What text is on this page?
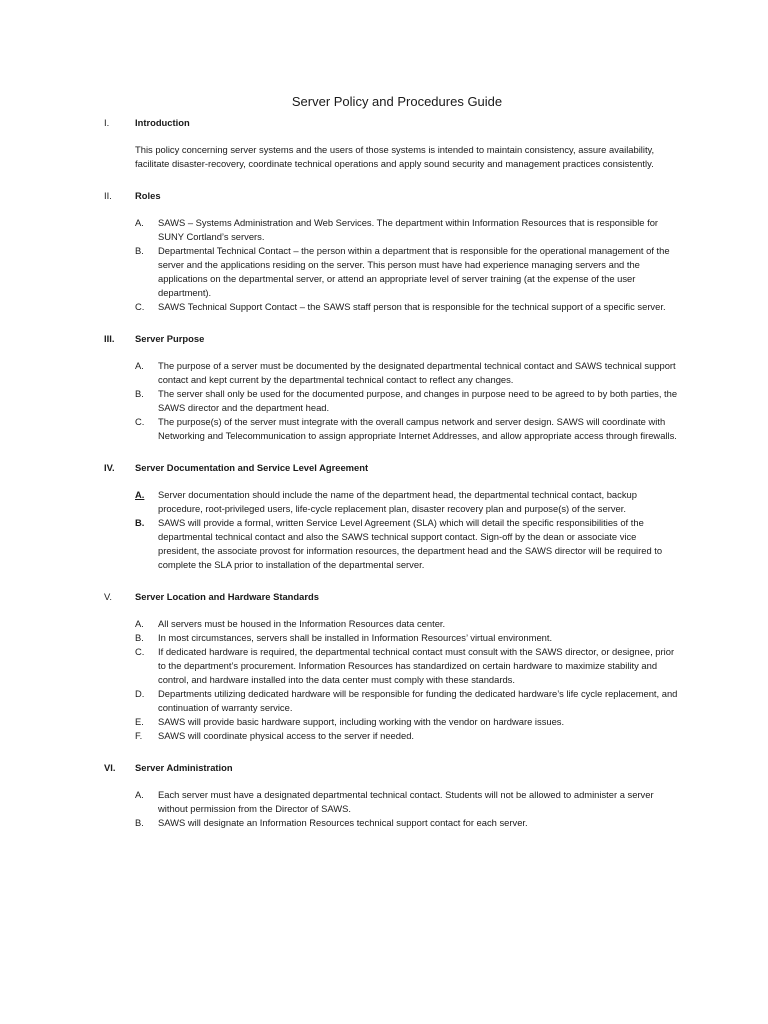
Server Policy and Procedures Guide
I.	Introduction
This policy concerning server systems and the users of those systems is intended to maintain consistency, assure availability, facilitate disaster-recovery, coordinate technical operations and apply sound security and management practices consistently.
II.	Roles
A.	SAWS – Systems Administration and Web Services. The department within Information Resources that is responsible for SUNY Cortland’s servers.
B.	Departmental Technical Contact – the person within a department that is responsible for the operational management of the server and the applications residing on the server. This person must have had experience managing servers and the applications on the departmental server, or attend an appropriate level of server training (at the expense of the user department).
C.	SAWS Technical Support Contact – the SAWS staff person that is responsible for the technical support of a specific server.
III.	Server Purpose
A.	The purpose of a server must be documented by the designated departmental technical contact and SAWS technical support contact and kept current by the departmental technical contact to reflect any changes.
B.	The server shall only be used for the documented purpose, and changes in purpose need to be agreed to by both parties, the SAWS director and the department head.
C.	The purpose(s) of the server must integrate with the overall campus network and server design. SAWS will coordinate with Networking and Telecommunication to assign appropriate Internet Addresses, and allow appropriate access through firewalls.
IV.	Server Documentation and Service Level Agreement
A.	Server documentation should include the name of the department head, the departmental technical contact, backup procedure, root-privileged users, life-cycle replacement plan, disaster recovery plan and purpose(s) of the server.
B.	SAWS will provide a formal, written Service Level Agreement (SLA) which will detail the specific responsibilities of the departmental technical contact and also the SAWS technical support contact. Sign-off by the dean or associate vice president, the associate provost for information resources, the department head and the SAWS director will be required to complete the SLA prior to installation of the departmental server.
V.	Server Location and Hardware Standards
A.	All servers must be housed in the Information Resources data center.
B.	In most circumstances, servers shall be installed in Information Resources’ virtual environment.
C.	If dedicated hardware is required, the departmental technical contact must consult with the SAWS director, or designee, prior to the department’s procurement. Information Resources has standardized on certain hardware to maximize stability and control, and hardware installed into the data center must comply with these standards.
D.	Departments utilizing dedicated hardware will be responsible for funding the dedicated hardware’s life cycle replacement, and continuation of warranty service.
E.	SAWS will provide basic hardware support, including working with the vendor on hardware issues.
F.	SAWS will coordinate physical access to the server if needed.
VI.	Server Administration
A.	Each server must have a designated departmental technical contact. Students will not be allowed to administer a server without permission from the Director of SAWS.
B.	SAWS will designate an Information Resources technical support contact for each server.
